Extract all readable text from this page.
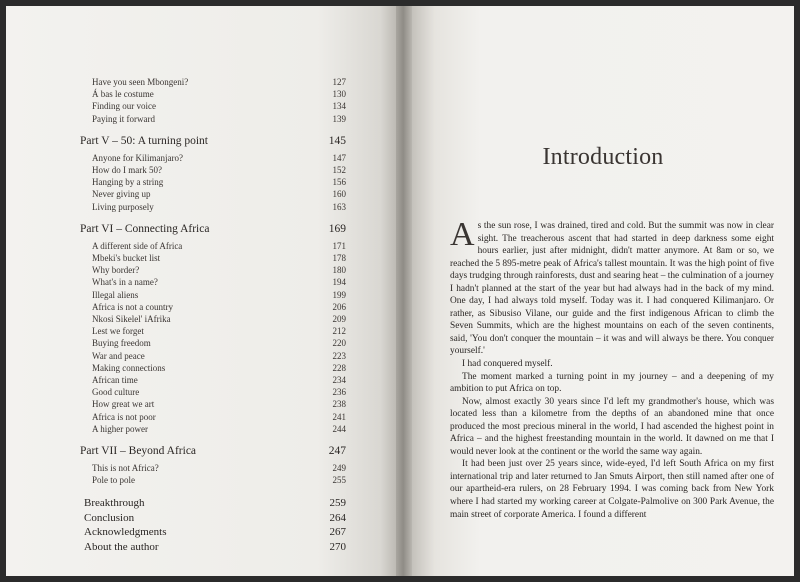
Have you seen Mbongeni?	127
Á bas le costume	130
Finding our voice	134
Paying it forward	139
Part V – 50: A turning point	145
Anyone for Kilimanjaro?	147
How do I mark 50?	152
Hanging by a string	156
Never giving up	160
Living purposely	163
Part VI – Connecting Africa	169
A different side of Africa	171
Mbeki's bucket list	178
Why border?	180
What's in a name?	194
Illegal aliens	199
Africa is not a country	206
Nkosi Sikelel' iAfrika	209
Lest we forget	212
Buying freedom	220
War and peace	223
Making connections	228
African time	234
Good culture	236
How great we art	238
Africa is not poor	241
A higher power	244
Part VII – Beyond Africa	247
This is not Africa?	249
Pole to pole	255
Breakthrough	259
Conclusion	264
Acknowledgments	267
About the author	270
Introduction

As the sun rose, I was drained, tired and cold. But the summit was now in clear sight. The treacherous ascent that had started in deep darkness some eight hours earlier, just after midnight, didn't matter anymore. At 8am or so, we reached the 5 895-metre peak of Africa's tallest mountain. It was the high point of five days trudging through rainforests, dust and searing heat – the culmination of a journey I hadn't planned at the start of the year but had always had in the back of my mind. One day, I had always told myself. Today was it. I had conquered Kilimanjaro. Or rather, as Sibusiso Vilane, our guide and the first indigenous African to climb the Seven Summits, which are the highest mountains on each of the seven continents, said, 'You don't conquer the mountain – it was and will always be there. You conquer yourself.'

I had conquered myself.

The moment marked a turning point in my journey – and a deepening of my ambition to put Africa on top.

Now, almost exactly 30 years since I'd left my grandmother's house, which was located less than a kilometre from the depths of an abandoned mine that once produced the most precious mineral in the world, I had ascended the highest point in Africa – and the highest freestanding mountain in the world. It dawned on me that I would never look at the continent or the world the same way again.

It had been just over 25 years since, wide-eyed, I'd left South Africa on my first international trip and later returned to Jan Smuts Airport, then still named after one of our apartheid-era rulers, on 28 February 1994. I was coming back from New York where I had started my working career at Colgate-Palmolive on 300 Park Avenue, the main street of corporate America. I found a different
